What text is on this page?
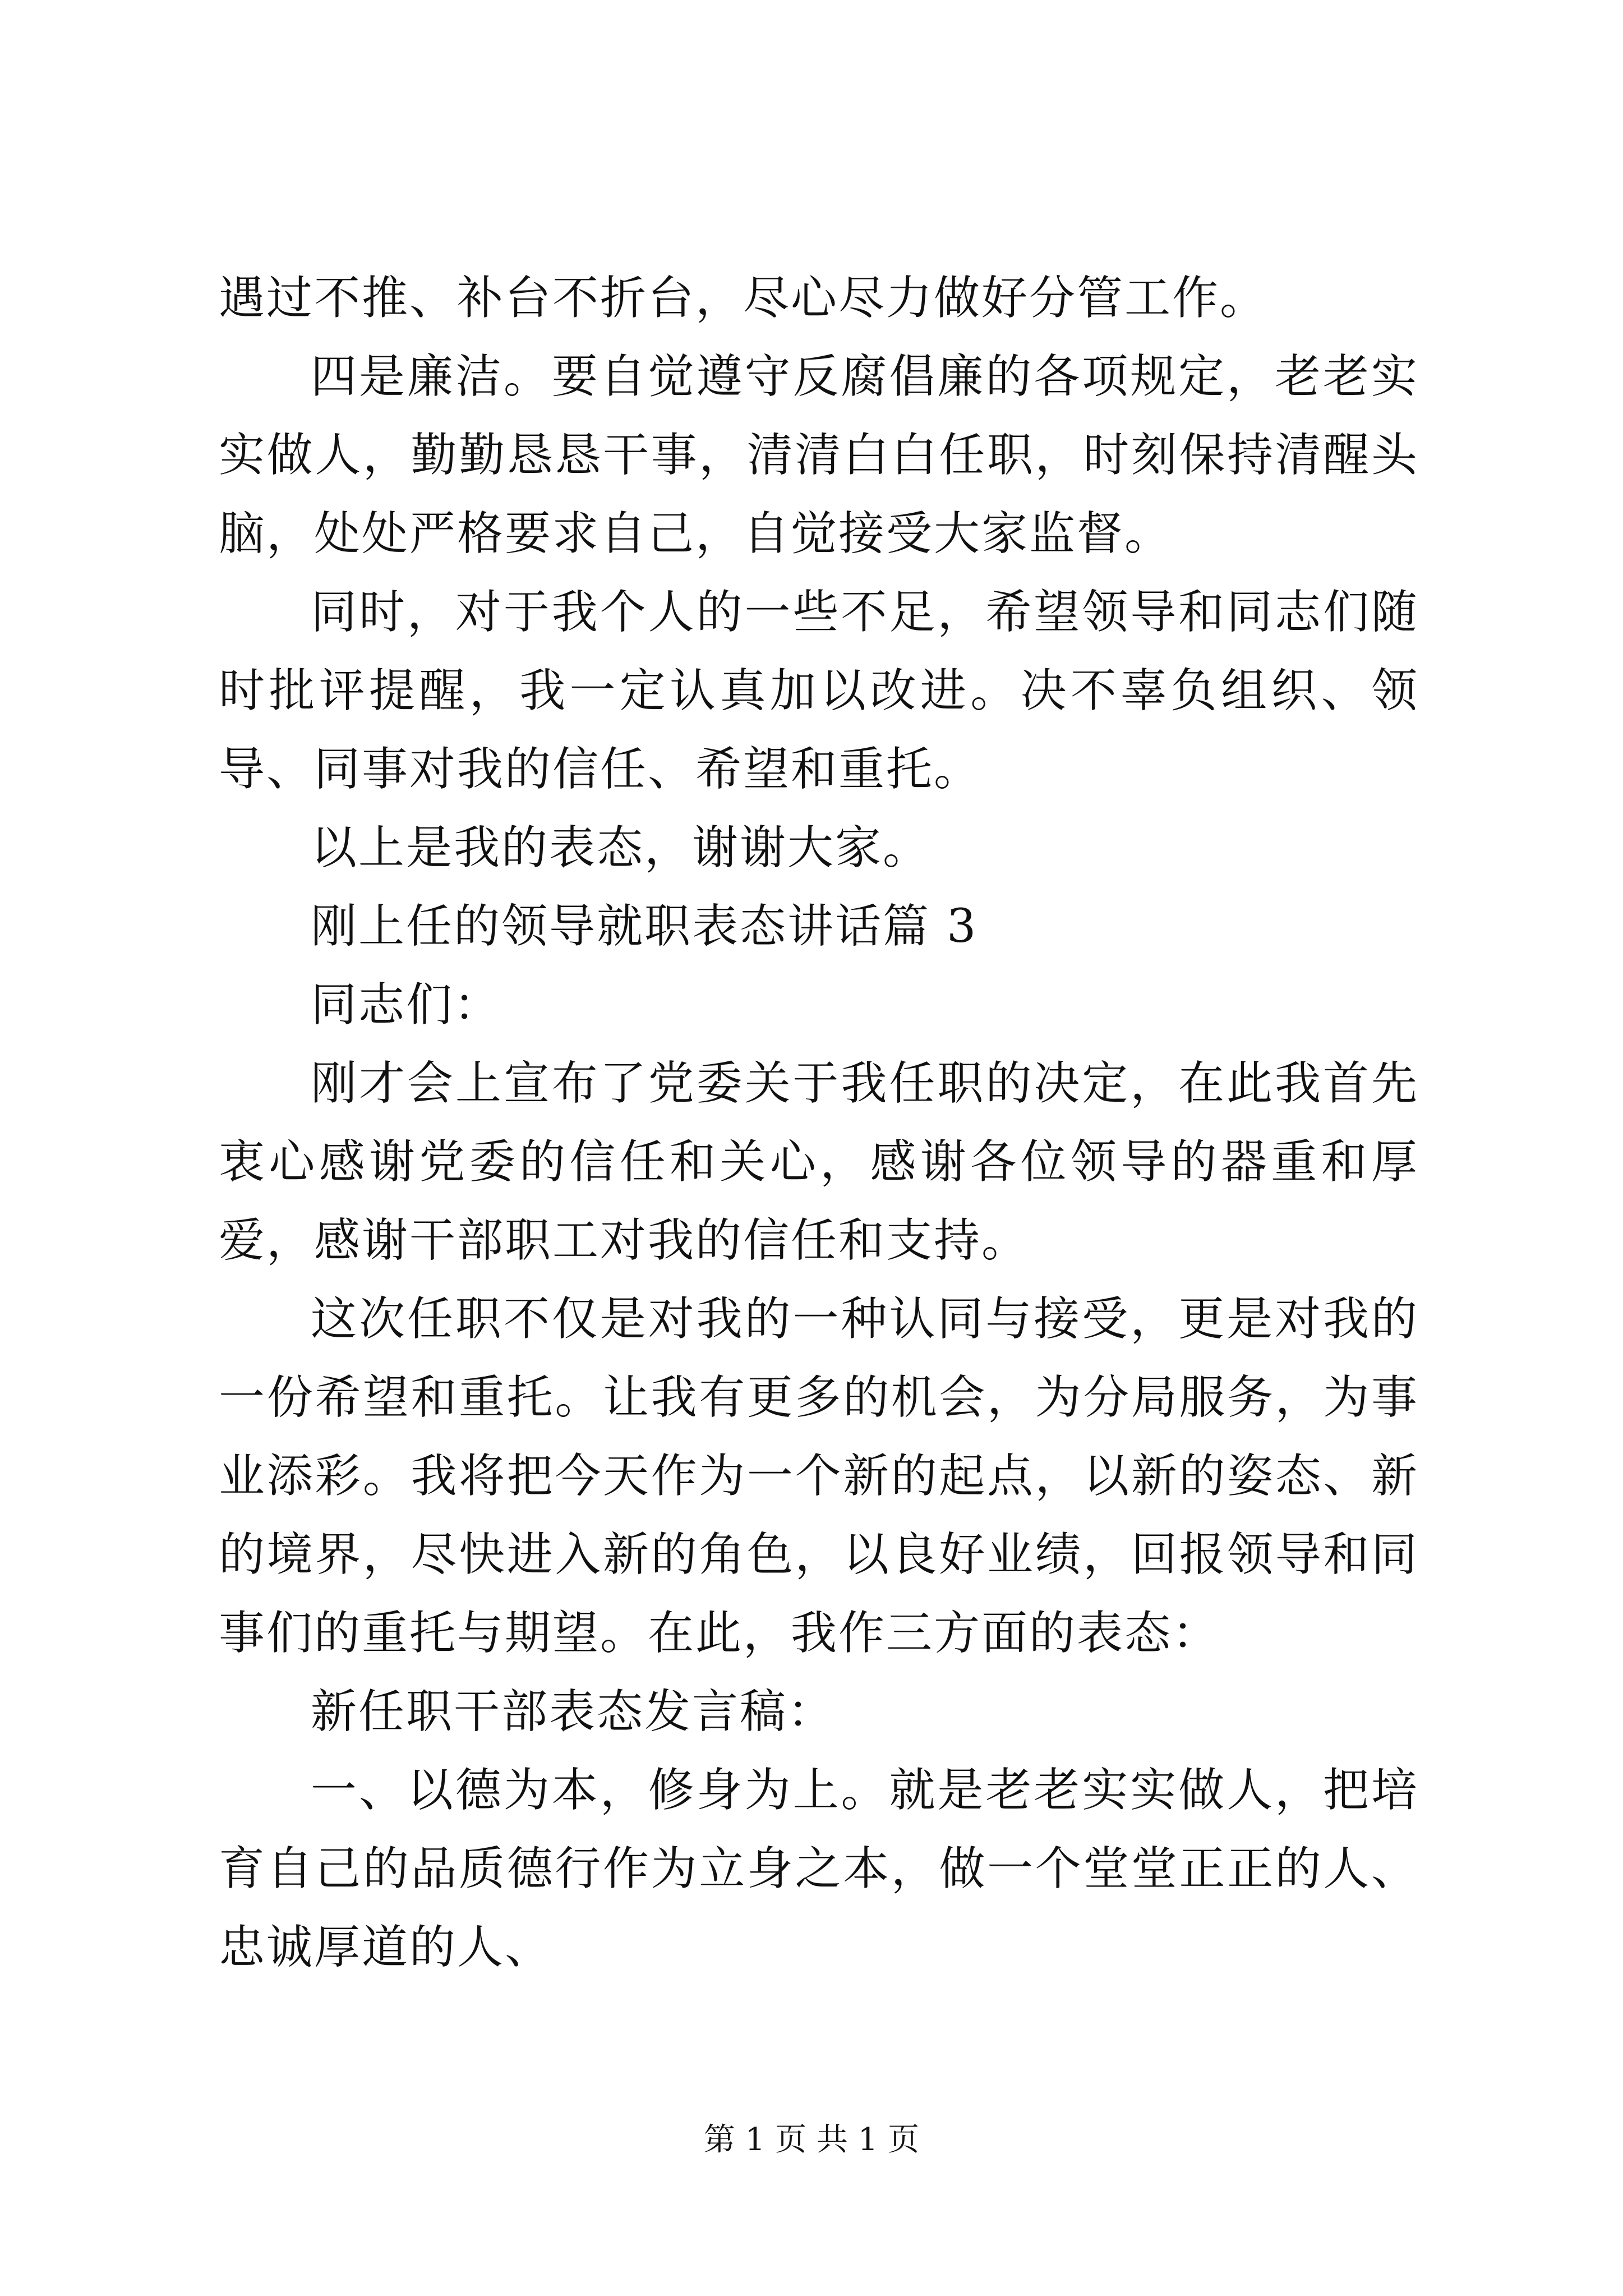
遇过不推、补台不折台，尽心尽力做好分管工作。

四是廉洁。要自觉遵守反腐倡廉的各项规定，老老实实做人，勤勤恳恳干事，清清白白任职，时刻保持清醒头脑，处处严格要求自己，自觉接受大家监督。

同时，对于我个人的一些不足，希望领导和同志们随时批评提醒，我一定认真加以改进。决不辜负组织、领导、同事对我的信任、希望和重托。

以上是我的表态，谢谢大家。

刚上任的领导就职表态讲话篇 3

同志们：

刚才会上宣布了党委关于我任职的决定，在此我首先衷心感谢党委的信任和关心，感谢各位领导的器重和厚爱，感谢干部职工对我的信任和支持。

这次任职不仅是对我的一种认同与接受，更是对我的一份希望和重托。让我有更多的机会，为分局服务，为事业添彩。我将把今天作为一个新的起点，以新的姿态、新的境界，尽快进入新的角色，以良好业绩，回报领导和同事们的重托与期望。在此，我作三方面的表态：

新任职干部表态发言稿：

一、以德为本，修身为上。就是老老实实做人，把培育自己的品质德行作为立身之本，做一个堂堂正正的人、忠诚厚道的人、

第 1 页 共 1 页
